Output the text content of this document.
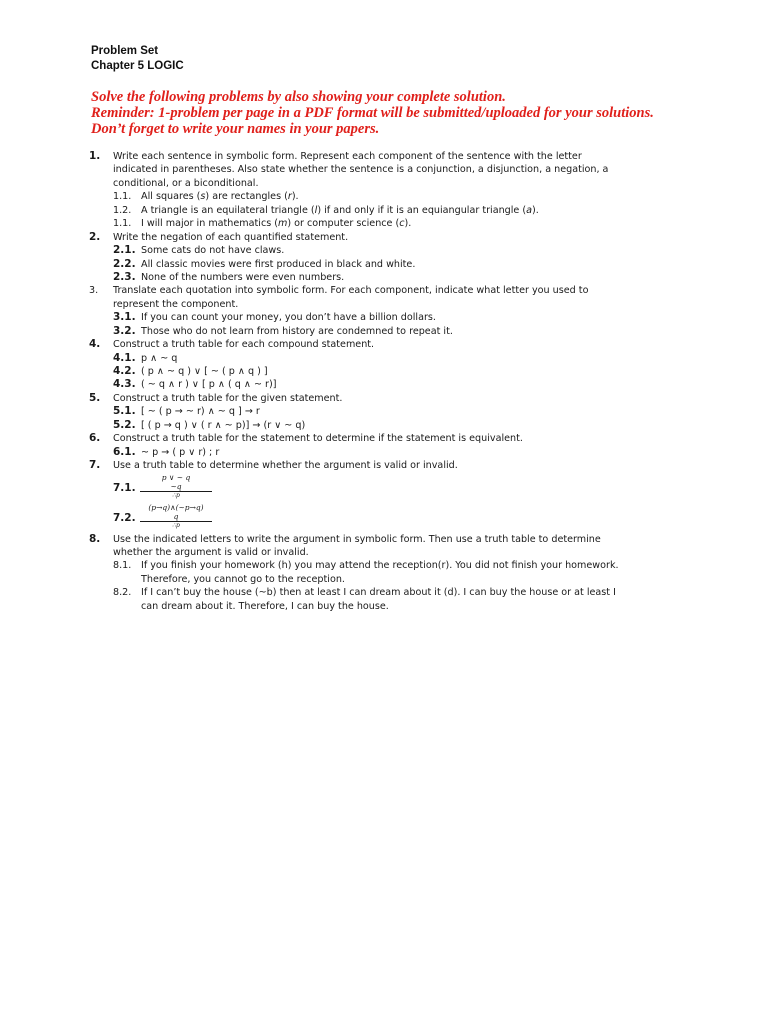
Problem Set
Chapter 5 LOGIC

Solve the following problems by also showing your complete solution.

Reminder: 1-problem per page in a PDF format will be submitted/uploaded for your solutions. Don’t forget to write your names in your papers.

1. Write each sentence in symbolic form. Represent each component of the sentence with the letter
indicated in parentheses. Also state whether the sentence is a conjunction, a disjunction, a negation, a
conditional, or a biconditional.
1.1. All squares (s) are rectangles (r).
1.2. A triangle is an equilateral triangle (l) if and only if it is an equiangular triangle (a).
1.1. I will major in mathematics (m) or computer science (c).
2. Write the negation of each quantified statement.
2.1. Some cats do not have claws.
2.2. All classic movies were first produced in black and white.
2.3. None of the numbers were even numbers.
3. Translate each quotation into symbolic form. For each component, indicate what letter you used to
represent the component.
3.1. If you can count your money, you don’t have a billion dollars.
3.2. Those who do not learn from history are condemned to repeat it.
4. Construct a truth table for each compound statement.
4.1. p ∧ ~ q
4.2. ( p ∧ ~ q ) ∨ [ ~ ( p ∧ q ) ]
4.3. ( ~ q ∧ r ) ∨ [ p ∧ ( q ∧ ~ r)]
5. Construct a truth table for the given statement.
5.1. [ ~ ( p → ~ r) ∧ ~ q ] → r
5.2. [ ( p → q ) ∨ ( r ∧ ~ p)] → (r ∨ ~ q)
6. Construct a truth table for the statement to determine if the statement is equivalent.
6.1. ~ p → ( p ∨ r) ; r
7. Use a truth table to determine whether the argument is valid or invalid.
7.1.
p ∨ ~ q
~q
∴p
7.2.
(p→q)∧(~p→q)
q
∴p
8. Use the indicated letters to write the argument in symbolic form. Then use a truth table to determine
whether the argument is valid or invalid.
8.1. If you finish your homework (h) you may attend the reception(r). You did not finish your homework.
Therefore, you cannot go to the reception.
8.2. If I can’t buy the house (~b) then at least I can dream about it (d). I can buy the house or at least I
can dream about it. Therefore, I can buy the house.
